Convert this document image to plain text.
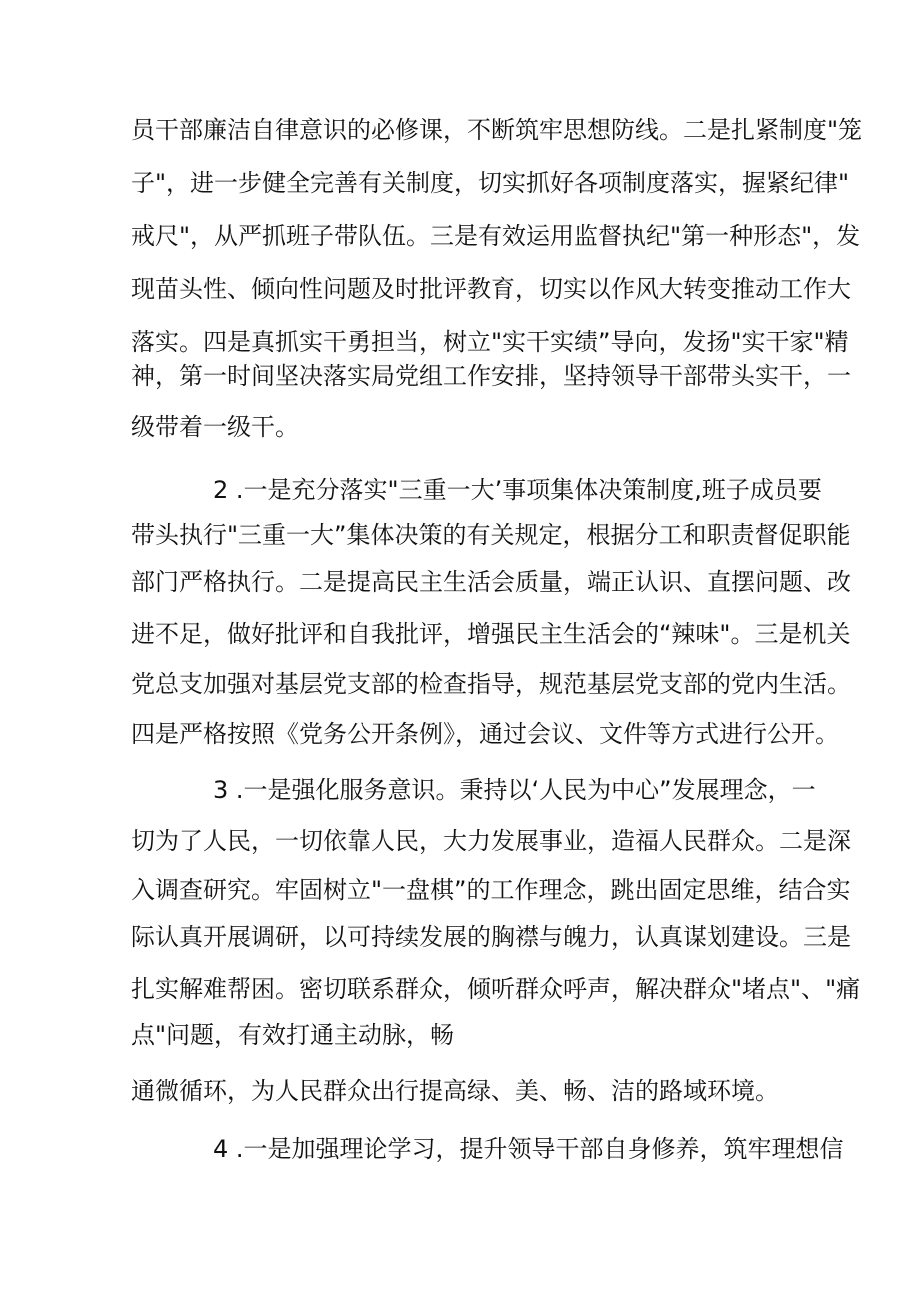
员干部廉洁自律意识的必修课，不断筑牢思想防线。二是扎紧制度"笼
子"，进一步健全完善有关制度，切实抓好各项制度落实，握紧纪律"
戒尺"，从严抓班子带队伍。三是有效运用监督执纪"第一种形态"，发
现苗头性、倾向性问题及时批评教育，切实以作风大转变推动工作大
落实。四是真抓实干勇担当，树立"实干实绩”导向，发扬"实干家"精
神，第一时间坚决落实局党组工作安排，坚持领导干部带头实干，一
级带着一级干。
2 .一是充分落实"三重一大’事项集体决策制度,班子成员要
带头执行"三重一大”集体决策的有关规定，根据分工和职责督促职能
部门严格执行。二是提高民主生活会质量，端正认识、直摆问题、改
进不足，做好批评和自我批评，增强民主生活会的“辣味"。三是机关
党总支加强对基层党支部的检查指导，规范基层党支部的党内生活。
四是严格按照《党务公开条例》，通过会议、文件等方式进行公开。
3 .一是强化服务意识。秉持以‘人民为中心”发展理念，一
切为了人民，一切依靠人民，大力发展事业，造福人民群众。二是深
入调查研究。牢固树立"一盘棋”的工作理念，跳出固定思维，结合实
际认真开展调研，以可持续发展的胸襟与魄力，认真谋划建设。三是
扎实解难帮困。密切联系群众，倾听群众呼声，解决群众"堵点"、"痛
点"问题，有效打通主动脉，畅
通微循环，为人民群众出行提高绿、美、畅、洁的路域环境。
4 .一是加强理论学习，提升领导干部自身修养，筑牢理想信
